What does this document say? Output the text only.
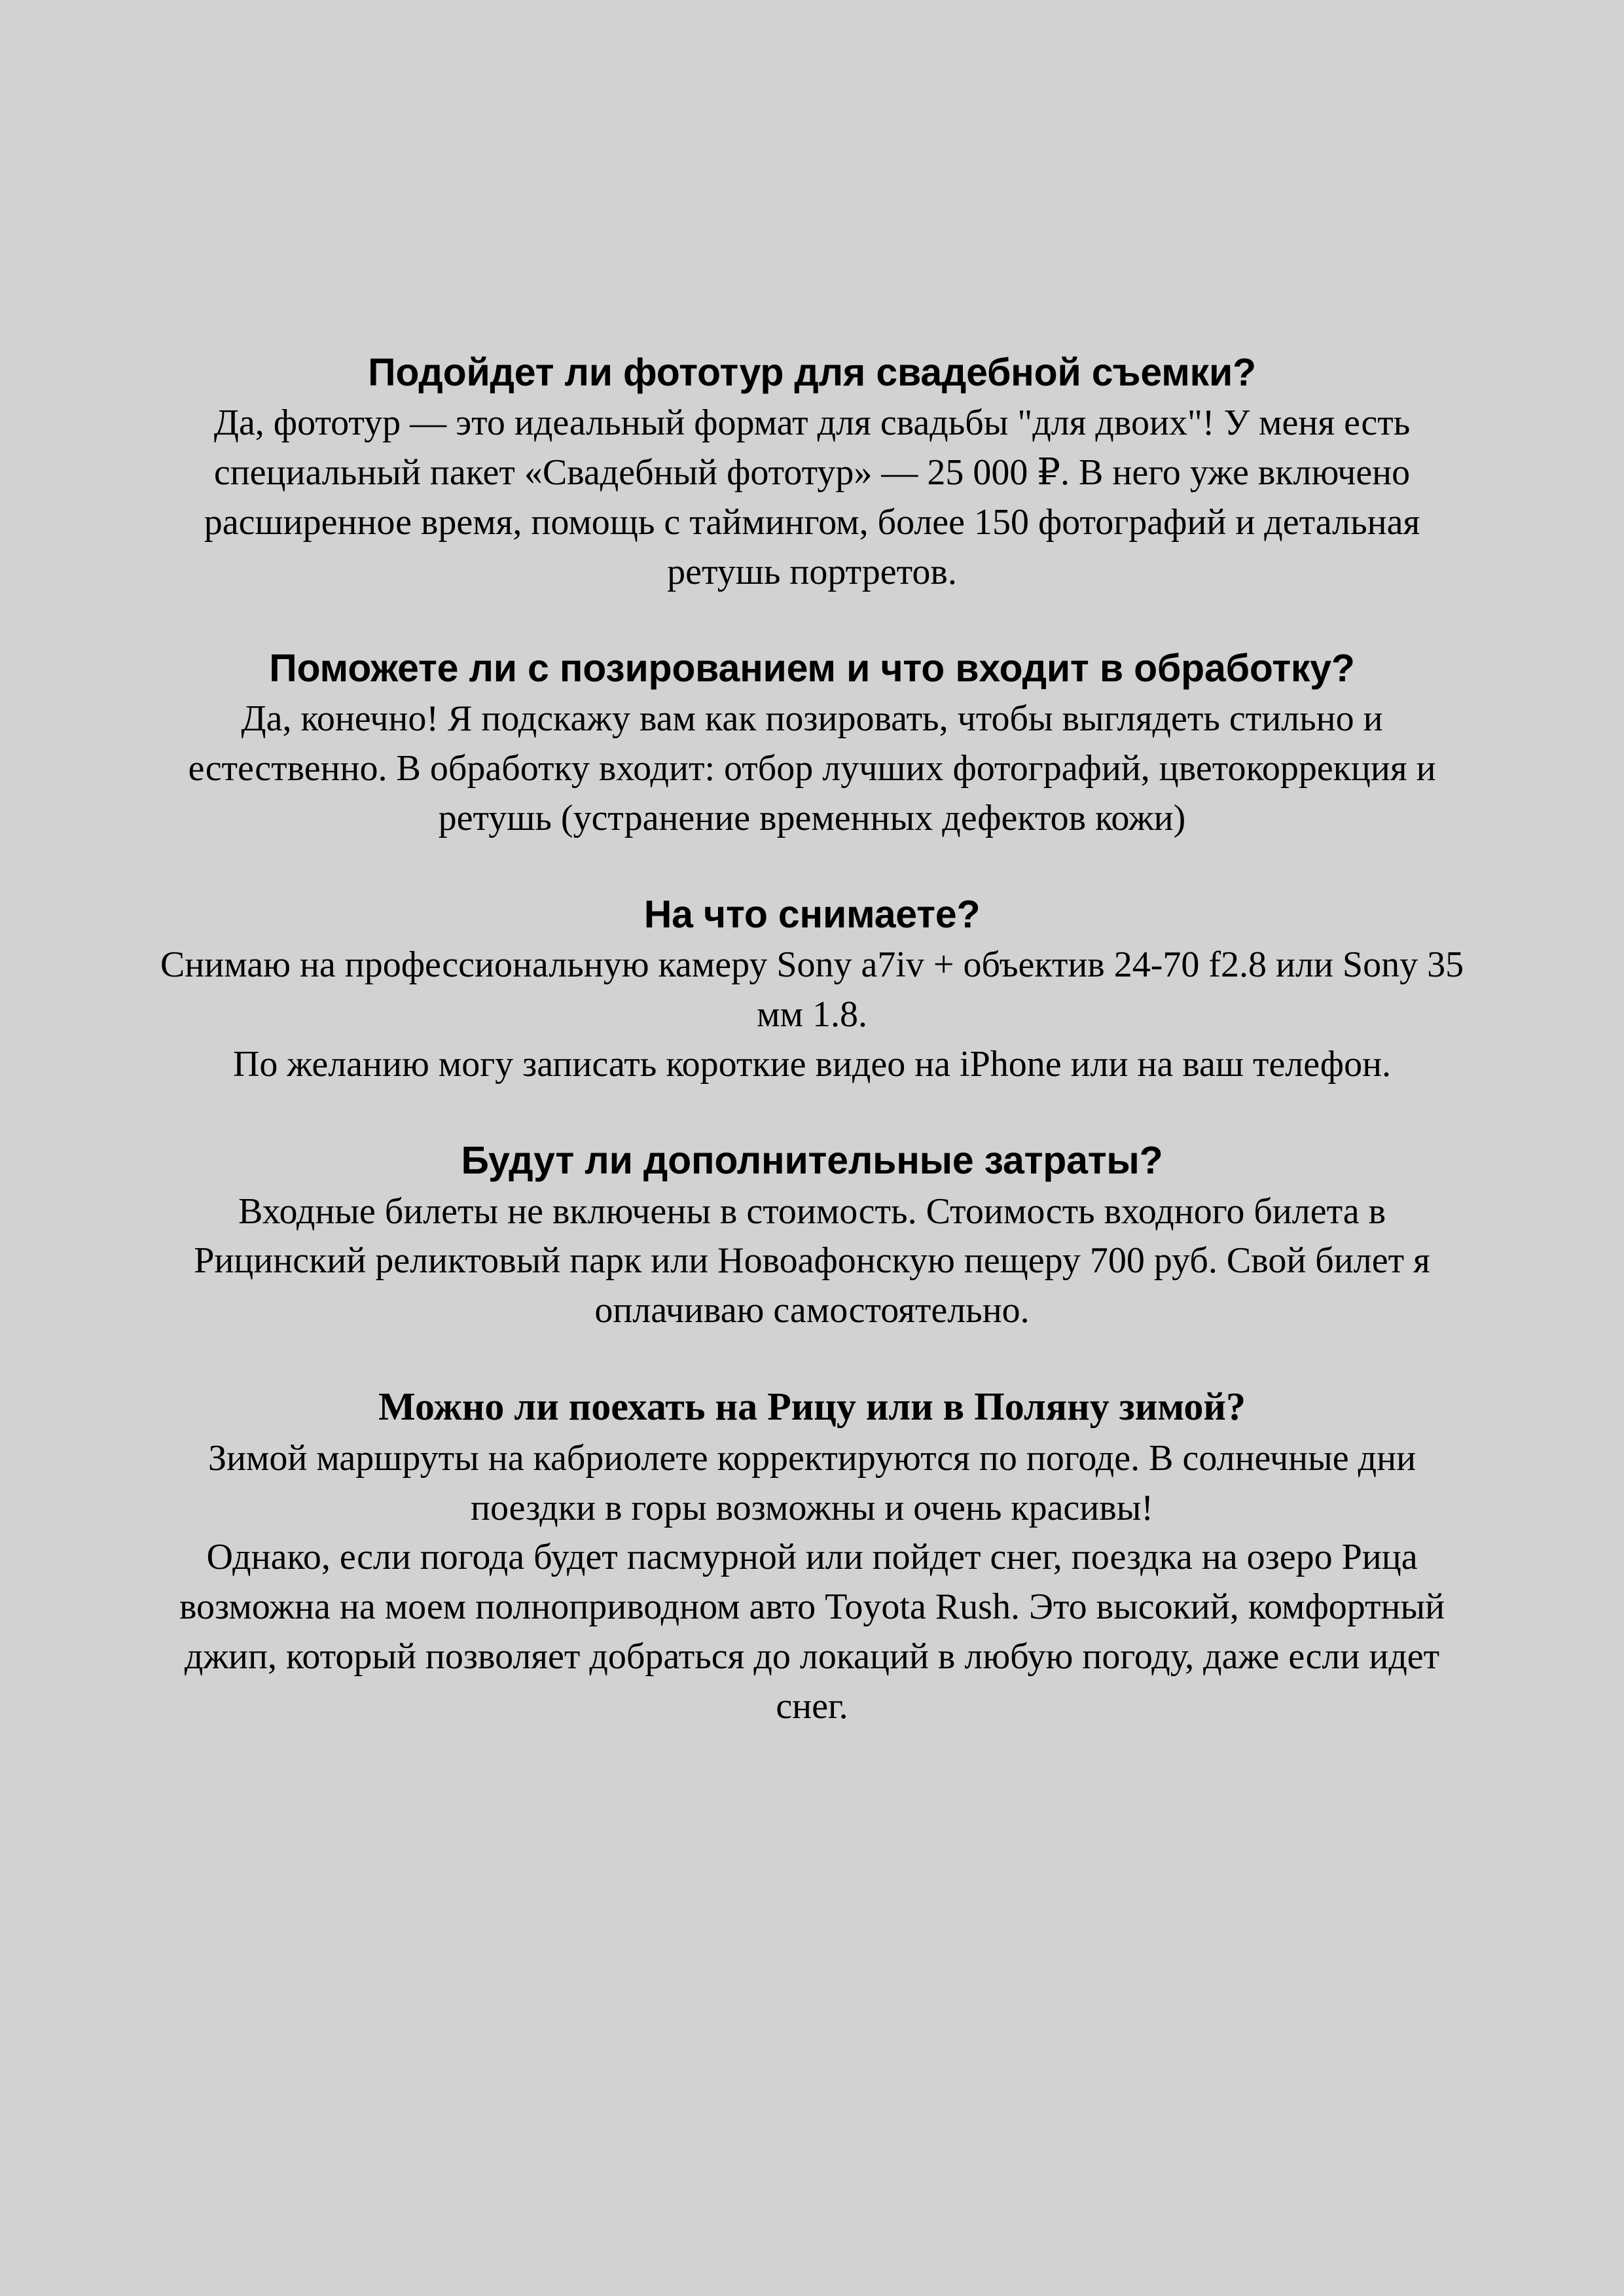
Подойдет ли фототур для свадебной съемки?

Да, фототур — это идеальный формат для свадьбы "для двоих"! У меня есть специальный пакет «Свадебный фототур» — 25 000 ₽. В него уже включено расширенное время, помощь с таймингом, более 150 фотографий и детальная ретушь портретов.

Поможете ли с позированием и что входит в обработку?

Да, конечно! Я подскажу вам как позировать, чтобы выглядеть стильно и естественно. В обработку входит: отбор лучших фотографий, цветокоррекция и ретушь (устранение временных дефектов кожи)

На что снимаете?

Снимаю на профессиональную камеру Sony a7iv + объектив 24-70 f2.8 или Sony 35 мм 1.8.

По желанию могу записать короткие видео на iPhone или на ваш телефон.

Будут ли дополнительные затраты?

Входные билеты не включены в стоимость. Стоимость входного билета в Рицинский реликтовый парк или Новоафонскую пещеру 700 руб. Свой билет я оплачиваю самостоятельно.

Можно ли поехать на Рицу или в Поляну зимой?

Зимой маршруты на кабриолете корректируются по погоде. В солнечные дни поездки в горы возможны и очень красивы!

Однако, если погода будет пасмурной или пойдет снег, поездка на озеро Рица возможна на моем полноприводном авто Toyota Rush. Это высокий, комфортный джип, который позволяет добраться до локаций в любую погоду, даже если идет снег.
